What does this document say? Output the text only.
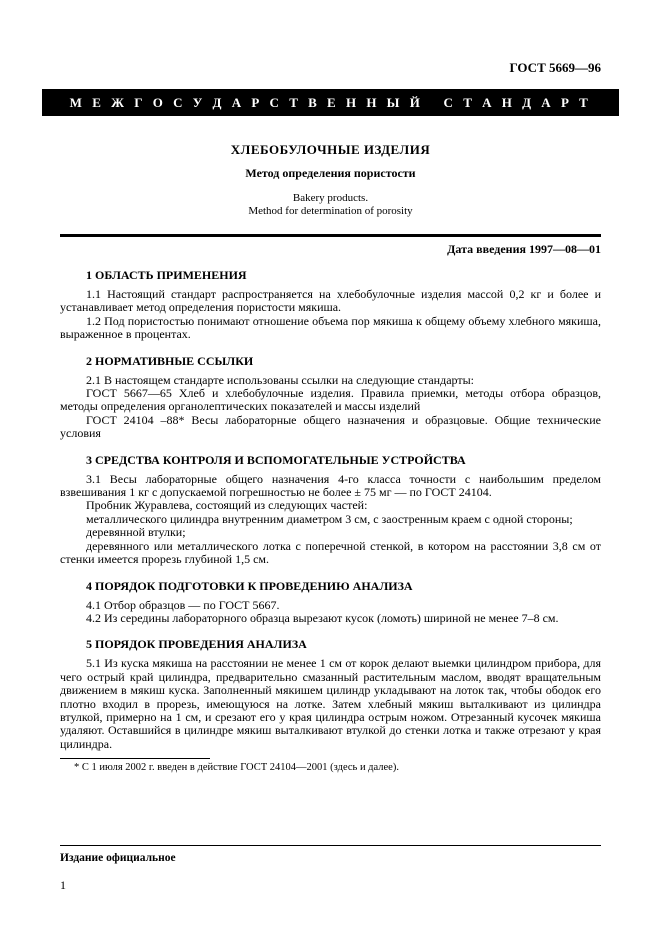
ГОСТ 5669—96
М Е Ж Г О С У Д А Р С Т В Е Н Н Ы Й   С Т А Н Д А Р Т
ХЛЕБОБУЛОЧНЫЕ ИЗДЕЛИЯ
Метод определения пористости
Bakery products.
Method for determination of porosity
Дата введения 1997—08—01
1 ОБЛАСТЬ ПРИМЕНЕНИЯ

1.1 Настоящий стандарт распространяется на хлебобулочные изделия массой 0,2 кг и более и устанавливает метод определения пористости мякиша.

1.2 Под пористостью понимают отношение объема пор мякиша к общему объему хлебного мякиша, выраженное в процентах.

2 НОРМАТИВНЫЕ ССЫЛКИ

2.1 В настоящем стандарте использованы ссылки на следующие стандарты:

ГОСТ 5667—65 Хлеб и хлебобулочные изделия. Правила приемки, методы отбора образцов, методы определения органолептических показателей и массы изделий

ГОСТ 24104 –88* Весы лабораторные общего назначения и образцовые. Общие технические условия

3 СРЕДСТВА КОНТРОЛЯ И ВСПОМОГАТЕЛЬНЫЕ УСТРОЙСТВА

3.1 Весы лабораторные общего назначения 4-го класса точности с наибольшим пределом взвешивания 1 кг с допускаемой погрешностью не более ± 75 мг — по ГОСТ 24104.

Пробник Журавлева, состоящий из следующих частей:

металлического цилиндра внутренним диаметром 3 см, с заостренным краем с одной стороны;

деревянной втулки;

деревянного или металлического лотка с поперечной стенкой, в котором на расстоянии 3,8 см от стенки имеется прорезь глубиной 1,5 см.

4 ПОРЯДОК ПОДГОТОВКИ К ПРОВЕДЕНИЮ АНАЛИЗА

4.1 Отбор образцов — по ГОСТ 5667.

4.2 Из середины лабораторного образца вырезают кусок (ломоть) шириной не менее 7–8 см.

5 ПОРЯДОК ПРОВЕДЕНИЯ АНАЛИЗА

5.1 Из куска мякиша на расстоянии не менее 1 см от корок делают выемки цилиндром прибора, для чего острый край цилиндра, предварительно смазанный растительным маслом, вводят вращательным движением в мякиш куска. Заполненный мякишем цилиндр укладывают на лоток так, чтобы ободок его плотно входил в прорезь, имеющуюся на лотке. Затем хлебный мякиш выталкивают из цилиндра втулкой, примерно на 1 см, и срезают его у края цилиндра острым ножом. Отрезанный кусочек мякиша удаляют. Оставшийся в цилиндре мякиш выталкивают втулкой до стенки лотка и также отрезают у края цилиндра.

* С 1 июля 2002 г. введен в действие ГОСТ 24104—2001 (здесь и далее).

Издание официальное
1
